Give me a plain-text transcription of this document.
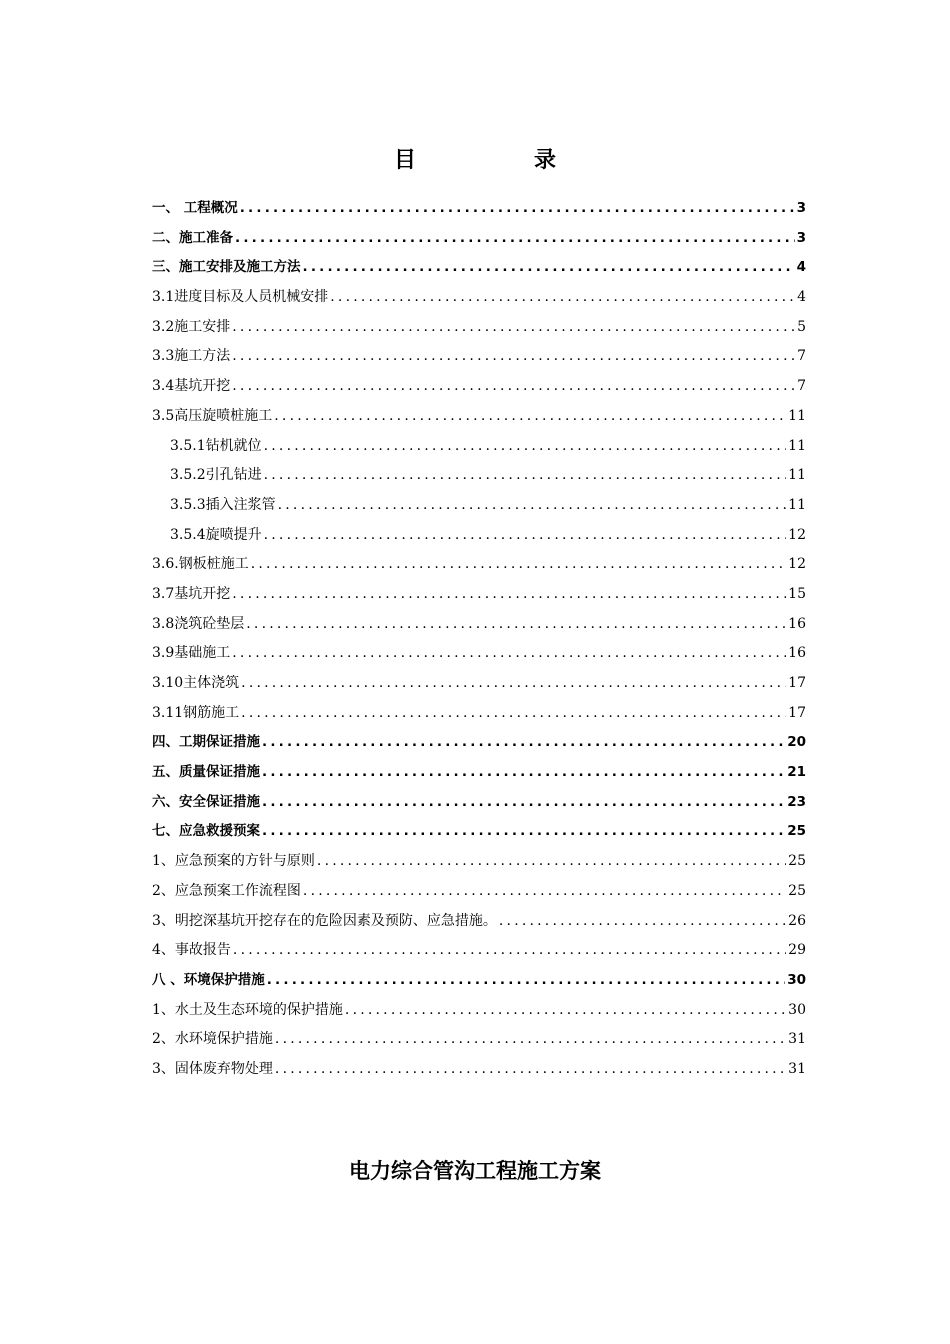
目　录
一、 工程概况 .....	3
二、施工准备 .....	3
三、施工安排及施工方法 .....	4
3.1进度目标及人员机械安排 .....	4
3.2施工安排 .....	5
3.3施工方法 .....	7
3.4基坑开挖 .....	7
3.5高压旋喷桩施工 .....	11
3.5.1钻机就位 .....	11
3.5.2引孔钻进 .....	11
3.5.3插入注浆管 .....	11
3.5.4旋喷提升 .....	12
3.6.钢板桩施工 .....	12
3.7基坑开挖 .....	15
3.8浇筑砼垫层 .....	16
3.9基础施工 .....	16
3.10主体浇筑 .....	17
3.11钢筋施工 .....	17
四、工期保证措施 .....	20
五、质量保证措施 .....	21
六、安全保证措施 .....	23
七、应急救援预案 .....	25
1、应急预案的方针与原则 .....	25
2、应急预案工作流程图 .....	25
3、明挖深基坑开挖存在的危险因素及预防、应急措施。 .....	26
4、事故报告 .....	29
八 、环境保护措施 .....	30
1、水土及生态环境的保护措施 .....	30
2、水环境保护措施 .....	31
3、固体废弃物处理 .....	31
电力综合管沟工程施工方案
